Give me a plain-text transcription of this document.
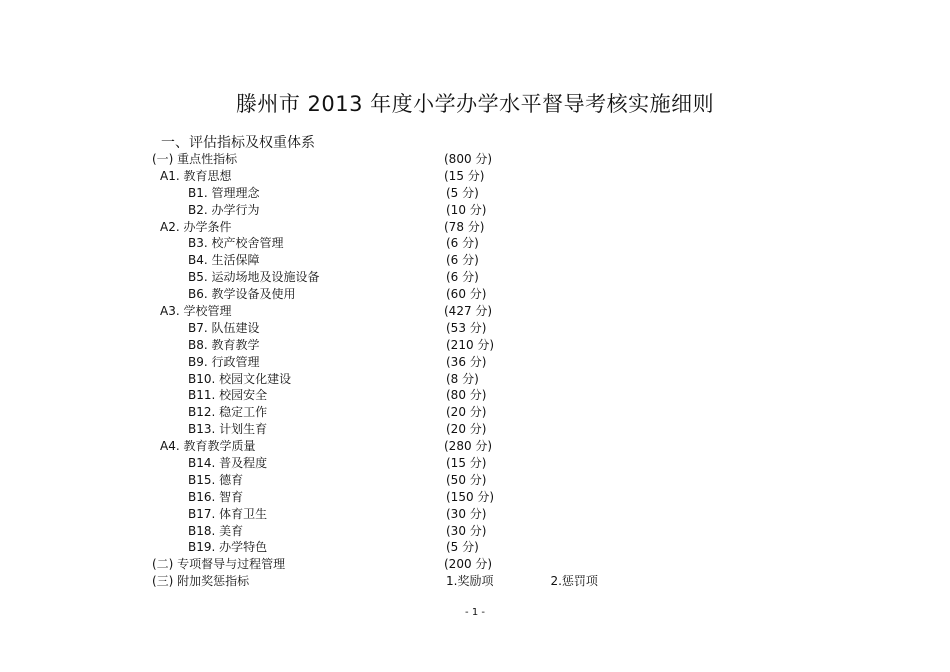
滕州市 2013 年度小学办学水平督导考核实施细则
一、评估指标及权重体系
(一) 重点性指标	(800 分)
A1. 教育思想	(15 分)
B1. 管理理念	(5 分)
B2. 办学行为	(10 分)
A2. 办学条件	(78 分)
B3. 校产校舍管理	(6 分)
B4. 生活保障	(6 分)
B5. 运动场地及设施设备	(6 分)
B6. 教学设备及使用	(60 分)
A3. 学校管理	(427 分)
B7. 队伍建设	(53 分)
B8. 教育教学	(210 分)
B9. 行政管理	(36 分)
B10. 校园文化建设	(8 分)
B11. 校园安全	(80 分)
B12. 稳定工作	(20 分)
B13. 计划生育	(20 分)
A4. 教育教学质量	(280 分)
B14. 普及程度	(15 分)
B15. 德育	(50 分)
B16. 智育	(150 分)
B17. 体育卫生	(30 分)
B18. 美育	(30 分)
B19. 办学特色	(5 分)
(二) 专项督导与过程管理	(200 分)
(三) 附加奖惩指标	1.奖励项	2.惩罚项
- 1 -
